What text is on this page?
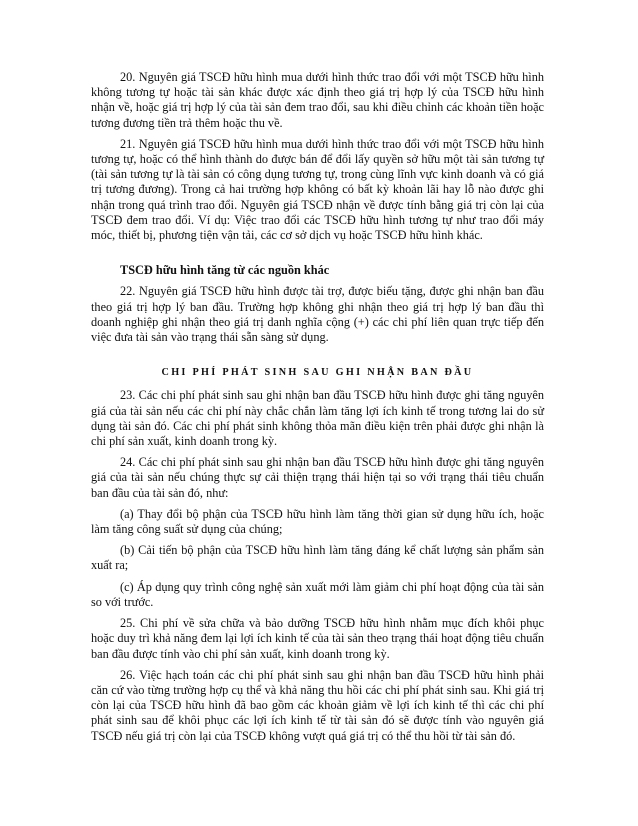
20. Nguyên giá TSCĐ hữu hình mua dưới hình thức trao đổi với một TSCĐ hữu hình không tương tự hoặc tài sản khác được xác định theo giá trị hợp lý của TSCĐ hữu hình nhận về, hoặc giá trị hợp lý của tài sản đem trao đổi, sau khi điều chỉnh các khoản tiền hoặc tương đương tiền trả thêm hoặc thu về.

21. Nguyên giá TSCĐ hữu hình mua dưới hình thức trao đổi với một TSCĐ hữu hình tương tự, hoặc có thể hình thành do được bán để đổi lấy quyền sở hữu một tài sản tương tự (tài sản tương tự là tài sản có công dụng tương tự, trong cùng lĩnh vực kinh doanh và có giá trị tương đương). Trong cả hai trường hợp không có bất kỳ khoản lãi hay lỗ nào được ghi nhận trong quá trình trao đổi. Nguyên giá TSCĐ nhận về được tính bằng giá trị còn lại của TSCĐ đem trao đổi. Ví dụ: Việc trao đổi các TSCĐ hữu hình tương tự như trao đổi máy móc, thiết bị, phương tiện vận tải, các cơ sở dịch vụ hoặc TSCĐ hữu hình khác.

TSCĐ hữu hình tăng từ các nguồn khác

22. Nguyên giá TSCĐ hữu hình được tài trợ, được biếu tặng, được ghi nhận ban đầu theo giá trị hợp lý ban đầu. Trường hợp không ghi nhận theo giá trị hợp lý ban đầu thì doanh nghiệp ghi nhận theo giá trị danh nghĩa cộng (+) các chi phí liên quan trực tiếp đến việc đưa tài sản vào trạng thái sẵn sàng sử dụng.

CHI PHÍ PHÁT SINH SAU GHI NHẬN BAN ĐẦU

23. Các chi phí phát sinh sau ghi nhận ban đầu TSCĐ hữu hình được ghi tăng nguyên giá của tài sản nếu các chi phí này chắc chắn làm tăng lợi ích kinh tế trong tương lai do sử dụng tài sản đó. Các chi phí phát sinh không thỏa mãn điều kiện trên phải được ghi nhận là chi phí sản xuất, kinh doanh trong kỳ.

24. Các chi phí phát sinh sau ghi nhận ban đầu TSCĐ hữu hình được ghi tăng nguyên giá của tài sản nếu chúng thực sự cải thiện trạng thái hiện tại so với trạng thái tiêu chuẩn ban đầu của tài sản đó, như:

(a) Thay đổi bộ phận của TSCĐ hữu hình làm tăng thời gian sử dụng hữu ích, hoặc làm tăng công suất sử dụng của chúng;

(b) Cải tiến bộ phận của TSCĐ hữu hình làm tăng đáng kể chất lượng sản phẩm sản xuất ra;

(c) Áp dụng quy trình công nghệ sản xuất mới làm giảm chi phí hoạt động của tài sản so với trước.

25. Chi phí về sửa chữa và bảo dưỡng TSCĐ hữu hình nhằm mục đích khôi phục hoặc duy trì khả năng đem lại lợi ích kinh tế của tài sản theo trạng thái hoạt động tiêu chuẩn ban đầu được tính vào chi phí sản xuất, kinh doanh trong kỳ.

26. Việc hạch toán các chi phí phát sinh sau ghi nhận ban đầu TSCĐ hữu hình phải căn cứ vào từng trường hợp cụ thể và khả năng thu hồi các chi phí phát sinh sau. Khi giá trị còn lại của TSCĐ hữu hình đã bao gồm các khoản giảm về lợi ích kinh tế thì các chi phí phát sinh sau để khôi phục các lợi ích kinh tế từ tài sản đó sẽ được tính vào nguyên giá TSCĐ nếu giá trị còn lại của TSCĐ không vượt quá giá trị có thể thu hồi từ tài sản đó.
